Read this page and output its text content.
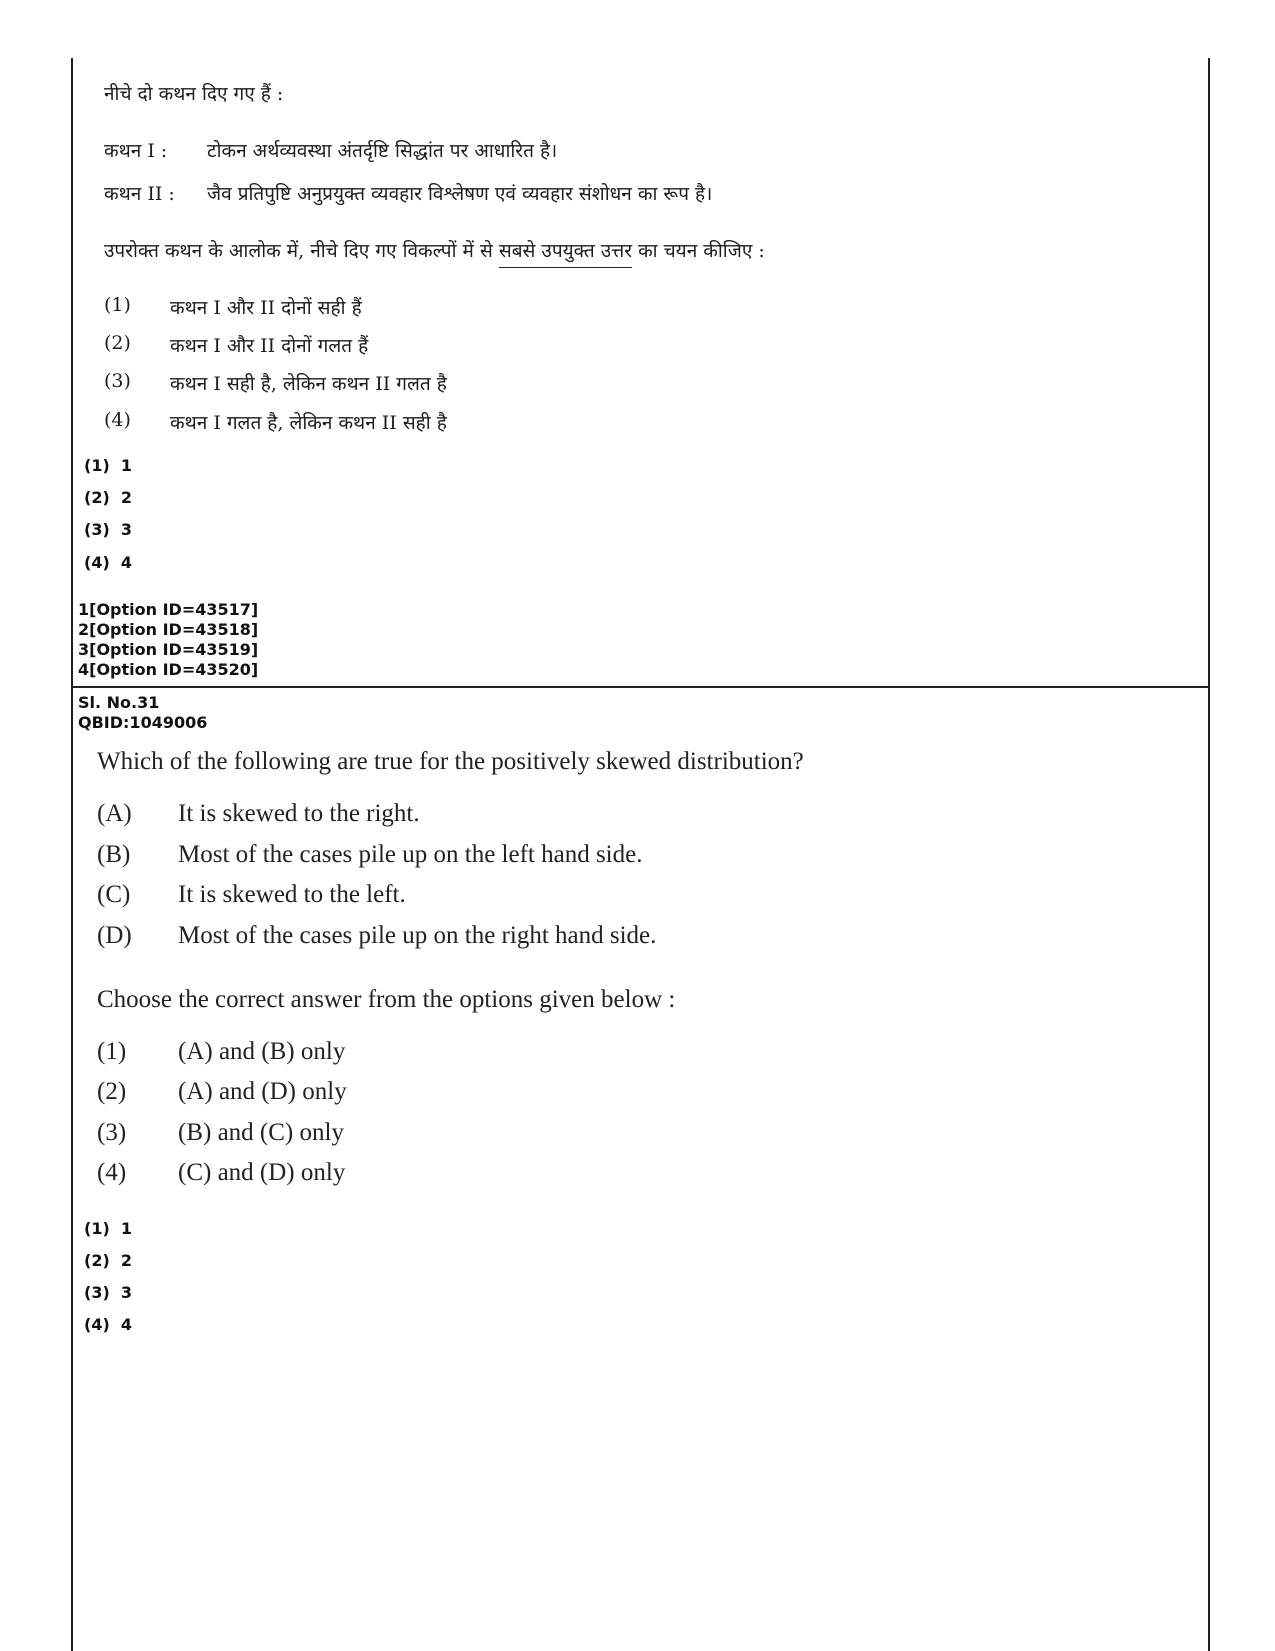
नीचे दो कथन दिए गए हैं :
कथन I : टोकन अर्थव्यवस्था अंतर्दृष्टि सिद्धांत पर आधारित है।
कथन II : जैव प्रतिपुष्टि अनुप्रयुक्त व्यवहार विश्लेषण एवं व्यवहार संशोधन का रूप है।
उपरोक्त कथन के आलोक में, नीचे दिए गए विकल्पों में से सबसे उपयुक्त उत्तर का चयन कीजिए :
(1) कथन I और II दोनों सही हैं
(2) कथन I और II दोनों गलत हैं
(3) कथन I सही है, लेकिन कथन II गलत है
(4) कथन I गलत है, लेकिन कथन II सही है
(1)  1
(2)  2
(3)  3
(4)  4
1[Option ID=43517]
2[Option ID=43518]
3[Option ID=43519]
4[Option ID=43520]
Sl. No.31
QBID:1049006
Which of the following are true for the positively skewed distribution?
(A) It is skewed to the right.
(B) Most of the cases pile up on the left hand side.
(C) It is skewed to the left.
(D) Most of the cases pile up on the right hand side.
Choose the correct answer from the options given below :
(1) (A) and (B) only
(2) (A) and (D) only
(3) (B) and (C) only
(4) (C) and (D) only
(1)  1
(2)  2
(3)  3
(4)  4
